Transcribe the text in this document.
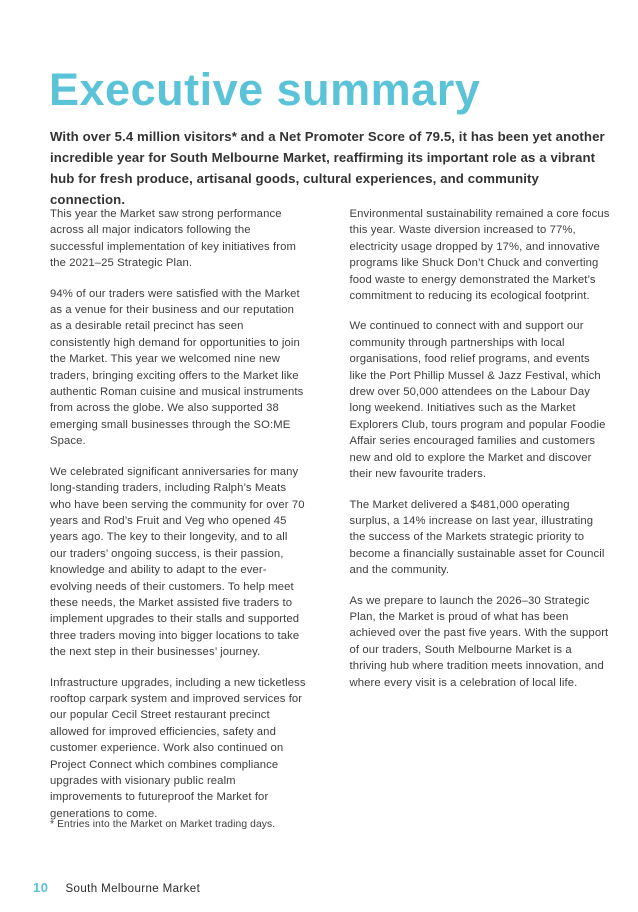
Executive summary

With over 5.4 million visitors* and a Net Promoter Score of 79.5, it has been yet another incredible year for South Melbourne Market, reaffirming its important role as a vibrant hub for fresh produce, artisanal goods, cultural experiences, and community connection.

This year the Market saw strong performance across all major indicators following the successful implementation of key initiatives from the 2021–25 Strategic Plan.

94% of our traders were satisfied with the Market as a venue for their business and our reputation as a desirable retail precinct has seen consistently high demand for opportunities to join the Market. This year we welcomed nine new traders, bringing exciting offers to the Market like authentic Roman cuisine and musical instruments from across the globe. We also supported 38 emerging small businesses through the SO:ME Space.

We celebrated significant anniversaries for many long-standing traders, including Ralph’s Meats who have been serving the community for over 70 years and Rod’s Fruit and Veg who opened 45 years ago. The key to their longevity, and to all our traders’ ongoing success, is their passion, knowledge and ability to adapt to the ever-evolving needs of their customers. To help meet these needs, the Market assisted five traders to implement upgrades to their stalls and supported three traders moving into bigger locations to take the next step in their businesses’ journey.

Infrastructure upgrades, including a new ticketless rooftop carpark system and improved services for our popular Cecil Street restaurant precinct allowed for improved efficiencies, safety and customer experience. Work also continued on Project Connect which combines compliance upgrades with visionary public realm improvements to futureproof the Market for generations to come.

Environmental sustainability remained a core focus this year. Waste diversion increased to 77%, electricity usage dropped by 17%, and innovative programs like Shuck Don’t Chuck and converting food waste to energy demonstrated the Market’s commitment to reducing its ecological footprint.

We continued to connect with and support our community through partnerships with local organisations, food relief programs, and events like the Port Phillip Mussel & Jazz Festival, which drew over 50,000 attendees on the Labour Day long weekend. Initiatives such as the Market Explorers Club, tours program and popular Foodie Affair series encouraged families and customers new and old to explore the Market and discover their new favourite traders.

The Market delivered a $481,000 operating surplus, a 14% increase on last year, illustrating the success of the Markets strategic priority to become a financially sustainable asset for Council and the community.

As we prepare to launch the 2026–30 Strategic Plan, the Market is proud of what has been achieved over the past five years. With the support of our traders, South Melbourne Market is a thriving hub where tradition meets innovation, and where every visit is a celebration of local life.

* Entries into the Market on Market trading days.

10 South Melbourne Market
